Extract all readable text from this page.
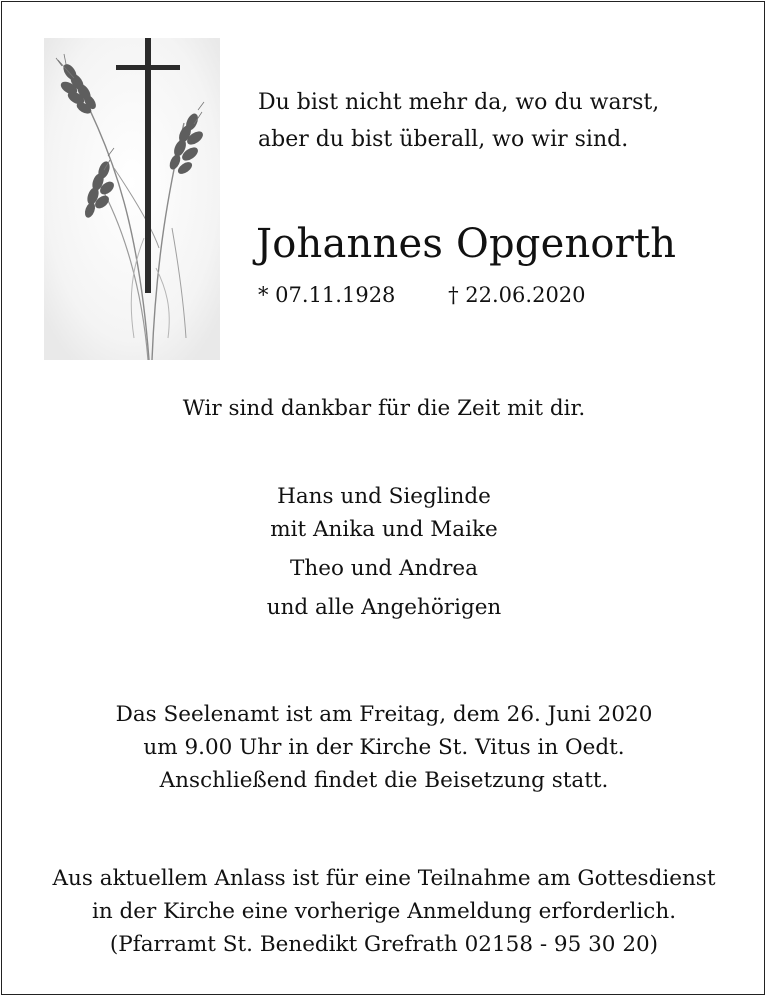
Du bist nicht mehr da, wo du warst,
aber du bist überall, wo wir sind.
Johannes Opgenorth
* 07.11.1928	† 22.06.2020
Wir sind dankbar für die Zeit mit dir.
Hans und Sieglinde
mit Anika und Maike
Theo und Andrea
und alle Angehörigen
Das Seelenamt ist am Freitag, dem 26. Juni 2020
um 9.00 Uhr in der Kirche St. Vitus in Oedt.
Anschließend findet die Beisetzung statt.
Aus aktuellem Anlass ist für eine Teilnahme am Gottesdienst
in der Kirche eine vorherige Anmeldung erforderlich.
(Pfarramt St. Benedikt Grefrath 02158 - 95 30 20)
